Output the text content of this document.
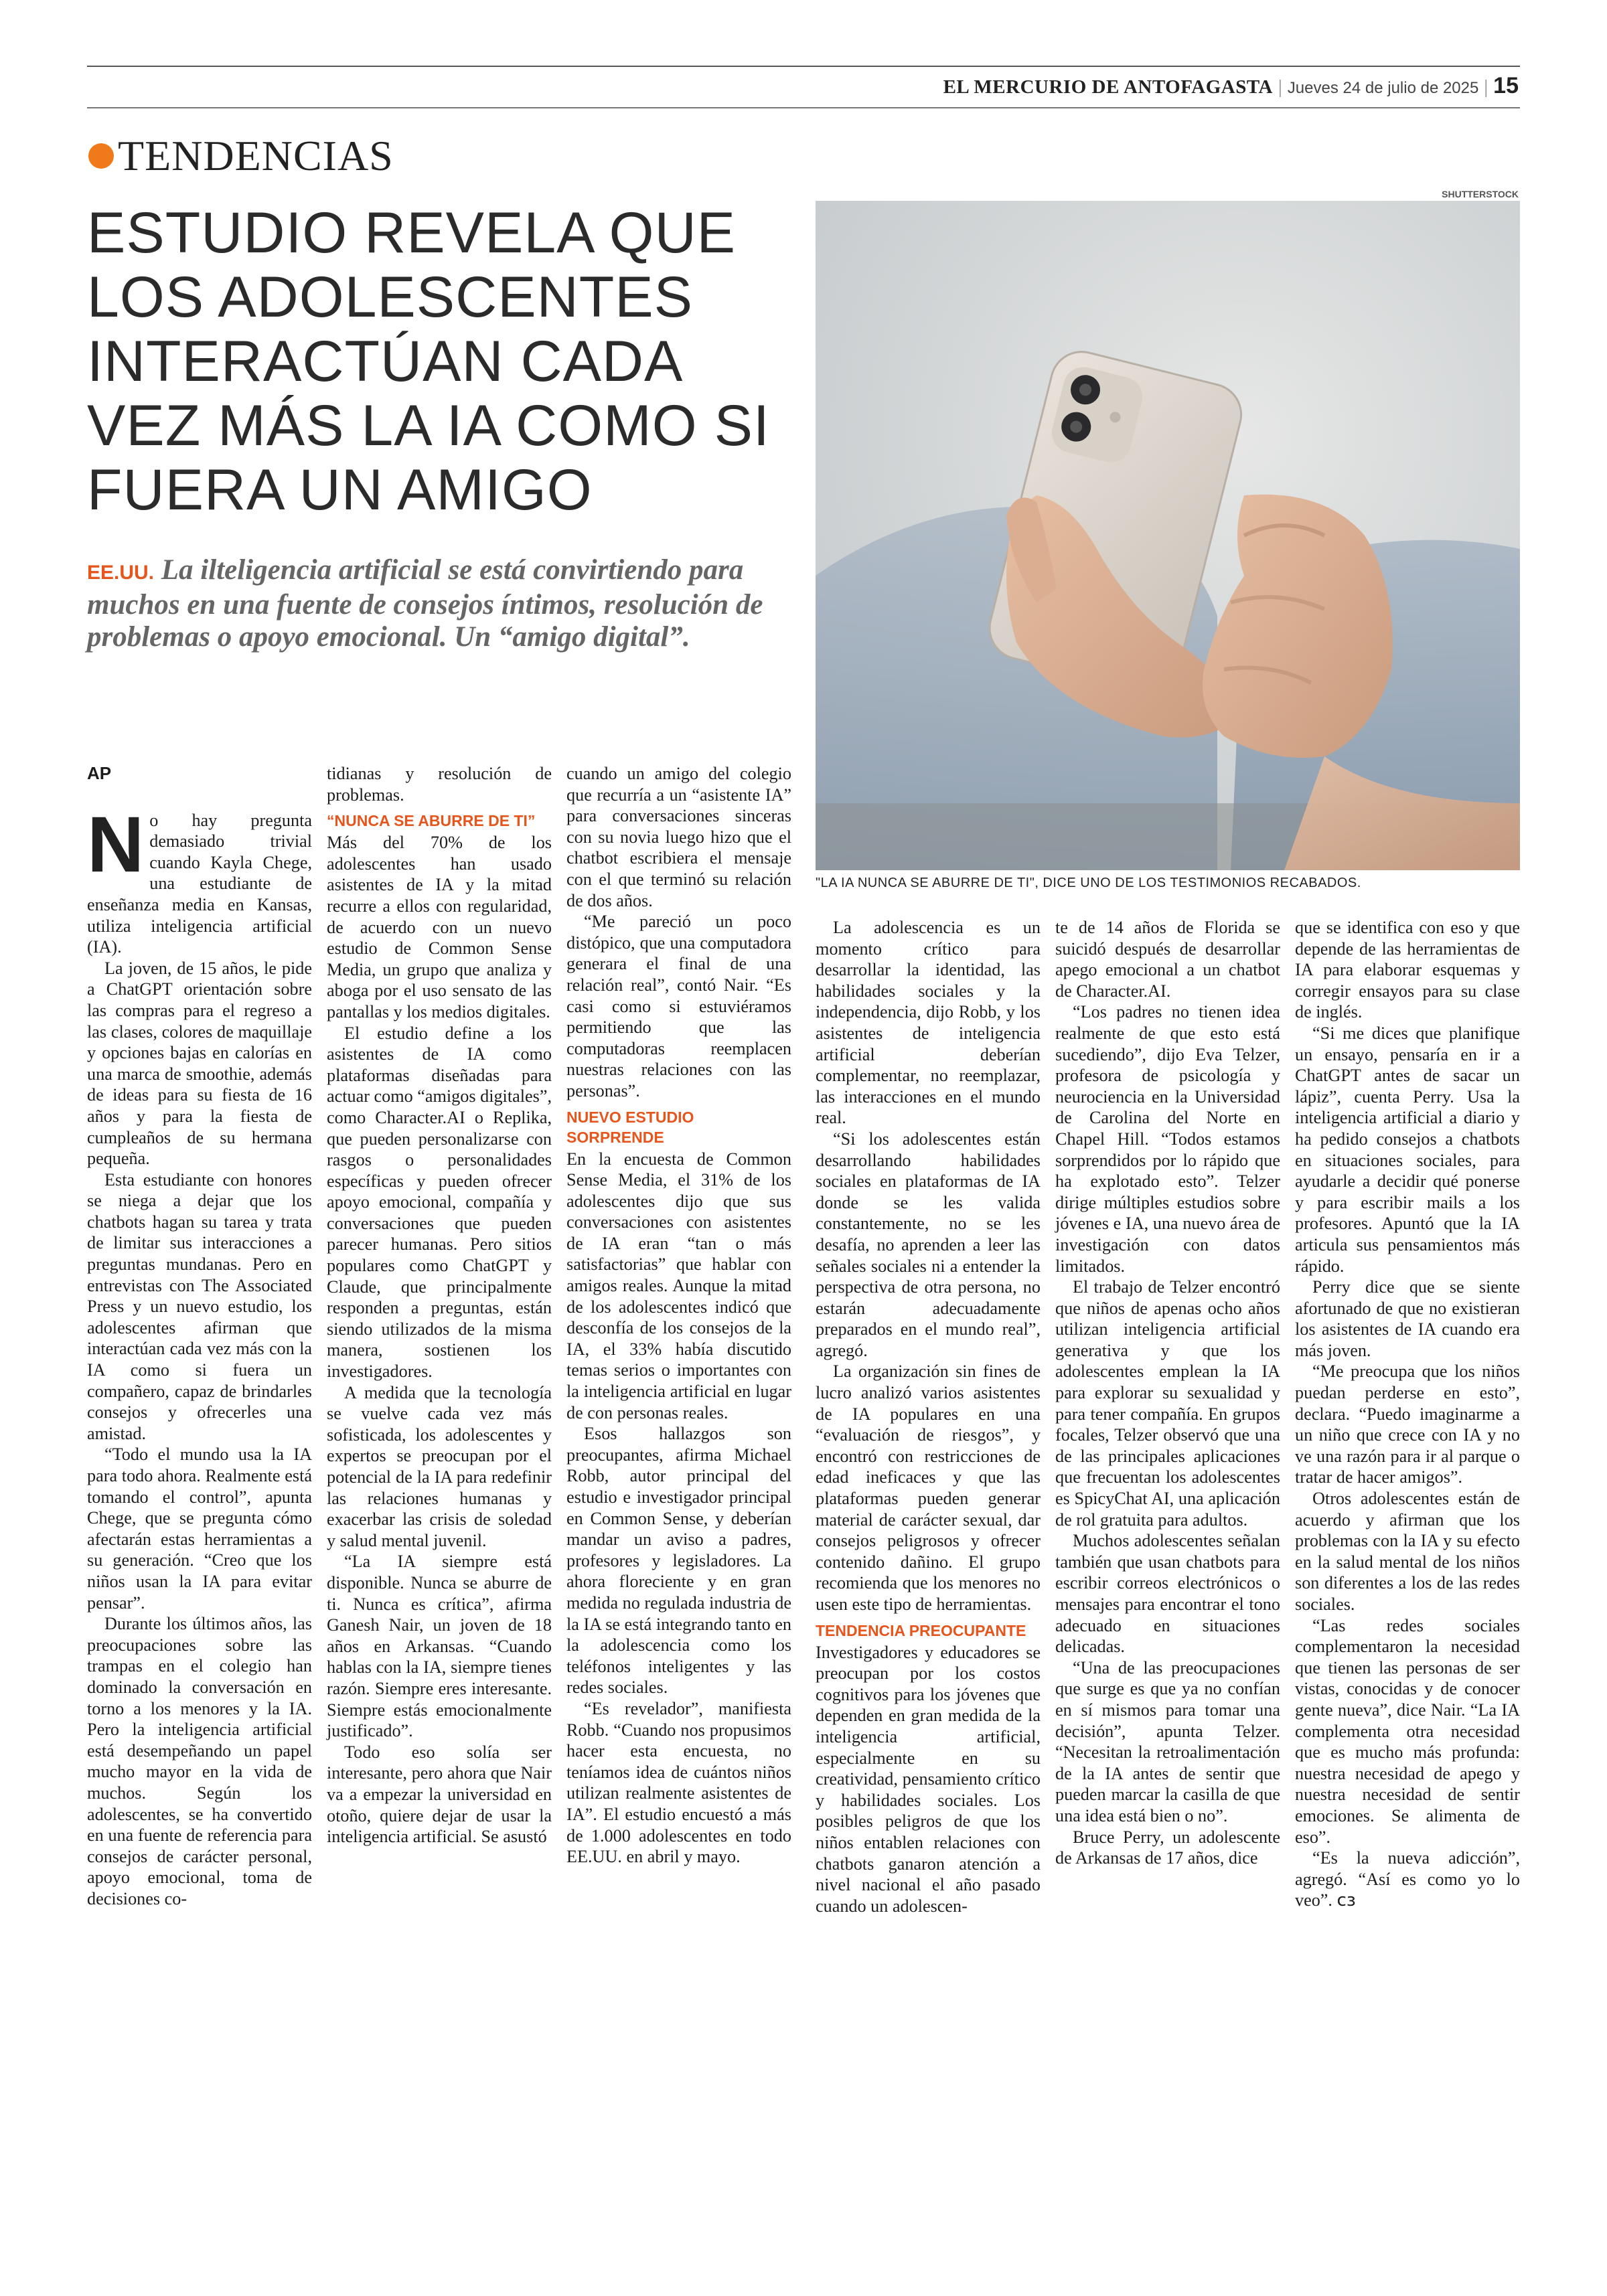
EL MERCURIO DE ANTOFAGASTA | Jueves 24 de julio de 2025 | 15
TENDENCIAS
ESTUDIO REVELA QUE LOS ADOLESCENTES INTERACTÚAN CADA VEZ MÁS LA IA COMO SI FUERA UN AMIGO
EE.UU. La ilteligencia artificial se está convirtiendo para muchos en una fuente de consejos íntimos, resolución de problemas o apoyo emocional. Un “amigo digital”.
SHUTTERSTOCK
"LA IA NUNCA SE ABURRE DE TI", DICE UNO DE LOS TESTIMONIOS RECABADOS.

AP

No hay pregunta demasiado trivial cuando Kayla Chege, una estudiante de enseñanza media en Kansas, utiliza inteligencia artificial (IA).

La joven, de 15 años, le pide a ChatGPT orientación sobre las compras para el regreso a las clases, colores de maquillaje y opciones bajas en calorías en una marca de smoothie, además de ideas para su fiesta de 16 años y para la fiesta de cumpleaños de su hermana pequeña.

Esta estudiante con honores se niega a dejar que los chatbots hagan su tarea y trata de limitar sus interacciones a preguntas mundanas. Pero en entrevistas con The Associated Press y un nuevo estudio, los adolescentes afirman que interactúan cada vez más con la IA como si fuera un compañero, capaz de brindarles consejos y ofrecerles una amistad.

“Todo el mundo usa la IA para todo ahora. Realmente está tomando el control”, apunta Chege, que se pregunta cómo afectarán estas herramientas a su generación. “Creo que los niños usan la IA para evitar pensar”.

Durante los últimos años, las preocupaciones sobre las trampas en el colegio han dominado la conversación en torno a los menores y la IA. Pero la inteligencia artificial está desempeñando un papel mucho mayor en la vida de muchos. Según los adolescentes, se ha convertido en una fuente de referencia para consejos de carácter personal, apoyo emocional, toma de decisiones co-

tidianas y resolución de problemas.

“NUNCA SE ABURRE DE TI”

Más del 70% de los adolescentes han usado asistentes de IA y la mitad recurre a ellos con regularidad, de acuerdo con un nuevo estudio de Common Sense Media, un grupo que analiza y aboga por el uso sensato de las pantallas y los medios digitales.

El estudio define a los asistentes de IA como plataformas diseñadas para actuar como “amigos digitales”, como Character.AI o Replika, que pueden personalizarse con rasgos o personalidades específicas y pueden ofrecer apoyo emocional, compañía y conversaciones que pueden parecer humanas. Pero sitios populares como ChatGPT y Claude, que principalmente responden a preguntas, están siendo utilizados de la misma manera, sostienen los investigadores.

A medida que la tecnología se vuelve cada vez más sofisticada, los adolescentes y expertos se preocupan por el potencial de la IA para redefinir las relaciones humanas y exacerbar las crisis de soledad y salud mental juvenil.

“La IA siempre está disponible. Nunca se aburre de ti. Nunca es crítica”, afirma Ganesh Nair, un joven de 18 años en Arkansas. “Cuando hablas con la IA, siempre tienes razón. Siempre eres interesante. Siempre estás emocionalmente justificado”.

Todo eso solía ser interesante, pero ahora que Nair va a empezar la universidad en otoño, quiere dejar de usar la inteligencia artificial. Se asustó

cuando un amigo del colegio que recurría a un “asistente IA” para conversaciones sinceras con su novia luego hizo que el chatbot escribiera el mensaje con el que terminó su relación de dos años.

“Me pareció un poco distópico, que una computadora generara el final de una relación real”, contó Nair. “Es casi como si estuviéramos permitiendo que las computadoras reemplacen nuestras relaciones con las personas”.

NUEVO ESTUDIO SORPRENDE

En la encuesta de Common Sense Media, el 31% de los adolescentes dijo que sus conversaciones con asistentes de IA eran “tan o más satisfactorias” que hablar con amigos reales. Aunque la mitad de los adolescentes indicó que desconfía de los consejos de la IA, el 33% había discutido temas serios o importantes con la inteligencia artificial en lugar de con personas reales.

Esos hallazgos son preocupantes, afirma Michael Robb, autor principal del estudio e investigador principal en Common Sense, y deberían mandar un aviso a padres, profesores y legisladores. La ahora floreciente y en gran medida no regulada industria de la IA se está integrando tanto en la adolescencia como los teléfonos inteligentes y las redes sociales.

“Es revelador”, manifiesta Robb. “Cuando nos propusimos hacer esta encuesta, no teníamos idea de cuántos niños utilizan realmente asistentes de IA”. El estudio encuestó a más de 1.000 adolescentes en todo EE.UU. en abril y mayo.

La adolescencia es un momento crítico para desarrollar la identidad, las habilidades sociales y la independencia, dijo Robb, y los asistentes de inteligencia artificial deberían complementar, no reemplazar, las interacciones en el mundo real.

“Si los adolescentes están desarrollando habilidades sociales en plataformas de IA donde se les valida constantemente, no se les desafía, no aprenden a leer las señales sociales ni a entender la perspectiva de otra persona, no estarán adecuadamente preparados en el mundo real”, agregó.

La organización sin fines de lucro analizó varios asistentes de IA populares en una “evaluación de riesgos”, y encontró con restricciones de edad ineficaces y que las plataformas pueden generar material de carácter sexual, dar consejos peligrosos y ofrecer contenido dañino. El grupo recomienda que los menores no usen este tipo de herramientas.

TENDENCIA PREOCUPANTE

Investigadores y educadores se preocupan por los costos cognitivos para los jóvenes que dependen en gran medida de la inteligencia artificial, especialmente en su creatividad, pensamiento crítico y habilidades sociales. Los posibles peligros de que los niños entablen relaciones con chatbots ganaron atención a nivel nacional el año pasado cuando un adolescen-

te de 14 años de Florida se suicidó después de desarrollar apego emocional a un chatbot de Character.AI.

“Los padres no tienen idea realmente de que esto está sucediendo”, dijo Eva Telzer, profesora de psicología y neurociencia en la Universidad de Carolina del Norte en Chapel Hill. “Todos estamos sorprendidos por lo rápido que ha explotado esto”. Telzer dirige múltiples estudios sobre jóvenes e IA, una nuevo área de investigación con datos limitados.

El trabajo de Telzer encontró que niños de apenas ocho años utilizan inteligencia artificial generativa y que los adolescentes emplean la IA para explorar su sexualidad y para tener compañía. En grupos focales, Telzer observó que una de las principales aplicaciones que frecuentan los adolescentes es SpicyChat AI, una aplicación de rol gratuita para adultos.

Muchos adolescentes señalan también que usan chatbots para escribir correos electrónicos o mensajes para encontrar el tono adecuado en situaciones delicadas.

“Una de las preocupaciones que surge es que ya no confían en sí mismos para tomar una decisión”, apunta Telzer. “Necesitan la retroalimentación de la IA antes de sentir que pueden marcar la casilla de que una idea está bien o no”.

Bruce Perry, un adolescente de Arkansas de 17 años, dice

que se identifica con eso y que depende de las herramientas de IA para elaborar esquemas y corregir ensayos para su clase de inglés.

“Si me dices que planifique un ensayo, pensaría en ir a ChatGPT antes de sacar un lápiz”, cuenta Perry. Usa la inteligencia artificial a diario y ha pedido consejos a chatbots en situaciones sociales, para ayudarle a decidir qué ponerse y para escribir mails a los profesores. Apuntó que la IA articula sus pensamientos más rápido.

Perry dice que se siente afortunado de que no existieran los asistentes de IA cuando era más joven.

“Me preocupa que los niños puedan perderse en esto”, declara. “Puedo imaginarme a un niño que crece con IA y no ve una razón para ir al parque o tratar de hacer amigos”.

Otros adolescentes están de acuerdo y afirman que los problemas con la IA y su efecto en la salud mental de los niños son diferentes a los de las redes sociales.

“Las redes sociales complementaron la necesidad que tienen las personas de ser vistas, conocidas y de conocer gente nueva”, dice Nair. “La IA complementa otra necesidad que es mucho más profunda: nuestra necesidad de apego y nuestra necesidad de sentir emociones. Se alimenta de eso”.

“Es la nueva adicción”, agregó. “Así es como yo lo veo”. ᴄɜ
